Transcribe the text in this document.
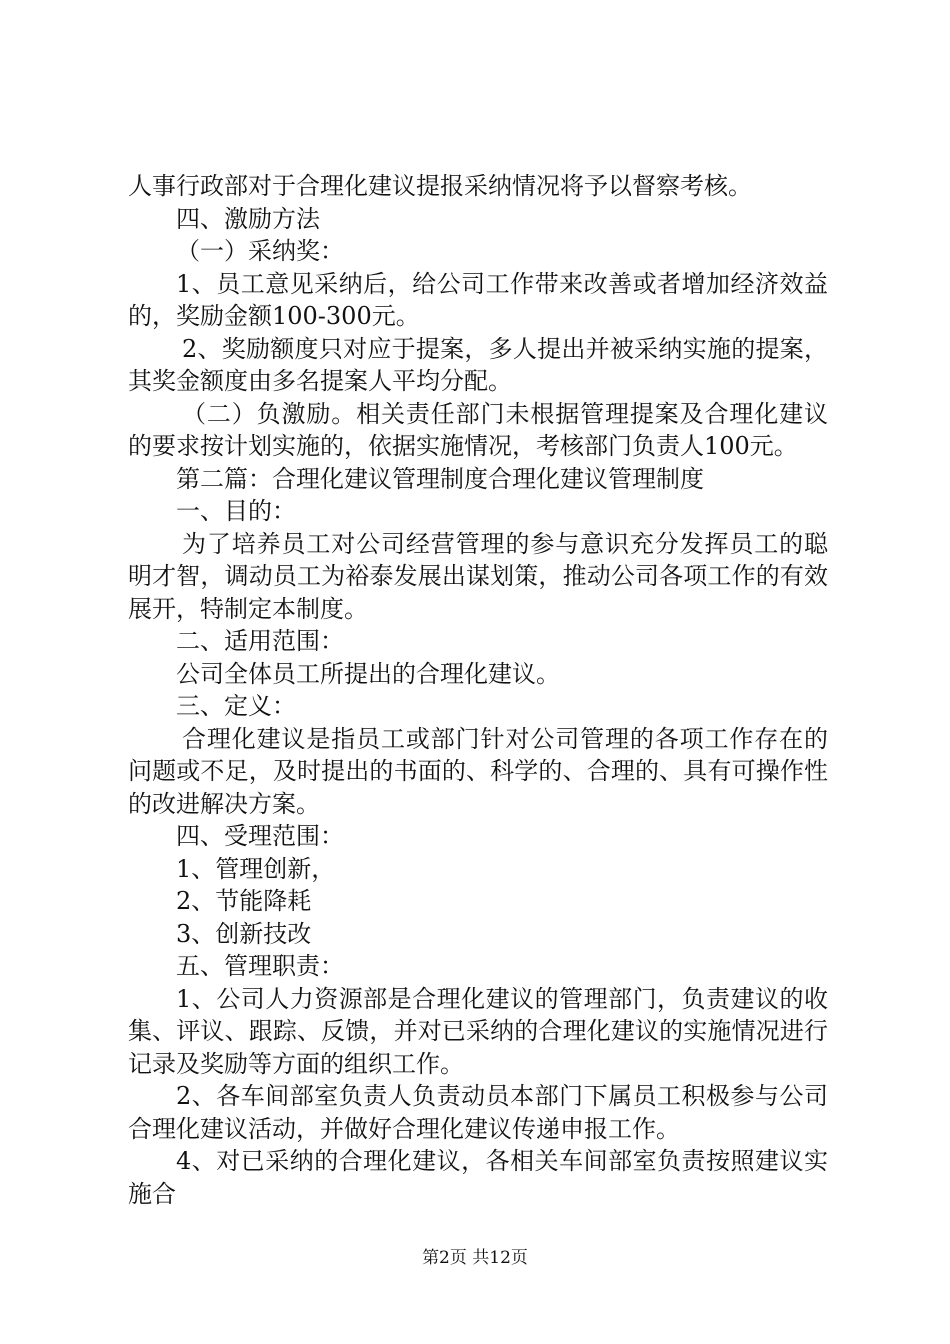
人事行政部对于合理化建议提报采纳情况将予以督察考核。

四、激励方法

（一）采纳奖：

1、员工意见采纳后，给公司工作带来改善或者增加经济效益的，奖励金额100-300元。

2、奖励额度只对应于提案，多人提出并被采纳实施的提案，其奖金额度由多名提案人平均分配。

（二）负激励。相关责任部门未根据管理提案及合理化建议的要求按计划实施的，依据实施情况，考核部门负责人100元。

第二篇：合理化建议管理制度合理化建议管理制度

一、目的：

为了培养员工对公司经营管理的参与意识充分发挥员工的聪明才智，调动员工为裕泰发展出谋划策，推动公司各项工作的有效展开，特制定本制度。

二、适用范围：

公司全体员工所提出的合理化建议。

三、定义：

合理化建议是指员工或部门针对公司管理的各项工作存在的问题或不足，及时提出的书面的、科学的、合理的、具有可操作性的改进解决方案。

四、受理范围：

1、管理创新，

2、节能降耗

3、创新技改

五、管理职责：

1、公司人力资源部是合理化建议的管理部门，负责建议的收集、评议、跟踪、反馈，并对已采纳的合理化建议的实施情况进行记录及奖励等方面的组织工作。

2、各车间部室负责人负责动员本部门下属员工积极参与公司合理化建议活动，并做好合理化建议传递申报工作。

4、对已采纳的合理化建议，各相关车间部室负责按照建议实施合

第2页 共12页
